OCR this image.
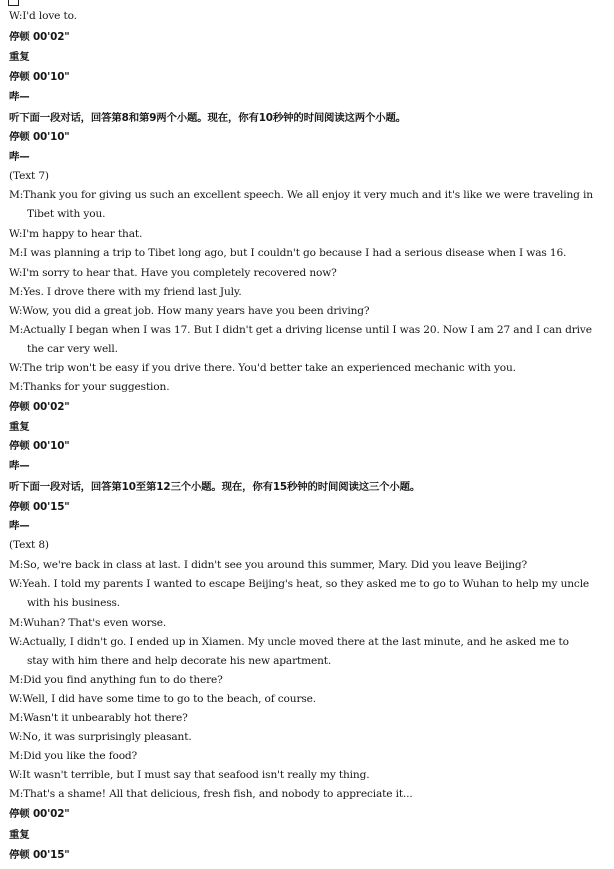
W:I'd love to.
停顿 00'02"
重复
停顿 00'10"
哔—
听下面一段对话，回答第8和第9两个小题。现在，你有10秒钟的时间阅读这两个小题。
停顿 00'10"
哔—
(Text 7)
M:Thank you for giving us such an excellent speech. We all enjoy it very much and it's like we were traveling in
Tibet with you.
W:I'm happy to hear that.
M:I was planning a trip to Tibet long ago, but I couldn't go because I had a serious disease when I was 16.
W:I'm sorry to hear that. Have you completely recovered now?
M:Yes. I drove there with my friend last July.
W:Wow, you did a great job. How many years have you been driving?
M:Actually I began when I was 17. But I didn't get a driving license until I was 20. Now I am 27 and I can drive
the car very well.
W:The trip won't be easy if you drive there. You'd better take an experienced mechanic with you.
M:Thanks for your suggestion.
停顿 00'02"
重复
停顿 00'10"
哔—
听下面一段对话，回答第10至第12三个小题。现在，你有15秒钟的时间阅读这三个小题。
停顿 00'15"
哔—
(Text 8)
M:So, we're back in class at last. I didn't see you around this summer, Mary. Did you leave Beijing?
W:Yeah. I told my parents I wanted to escape Beijing's heat, so they asked me to go to Wuhan to help my uncle
with his business.
M:Wuhan? That's even worse.
W:Actually, I didn't go. I ended up in Xiamen. My uncle moved there at the last minute, and he asked me to
stay with him there and help decorate his new apartment.
M:Did you find anything fun to do there?
W:Well, I did have some time to go to the beach, of course.
M:Wasn't it unbearably hot there?
W:No, it was surprisingly pleasant.
M:Did you like the food?
W:It wasn't terrible, but I must say that seafood isn't really my thing.
M:That's a shame! All that delicious, fresh fish, and nobody to appreciate it...
停顿 00'02"
重复
停顿 00'15"
